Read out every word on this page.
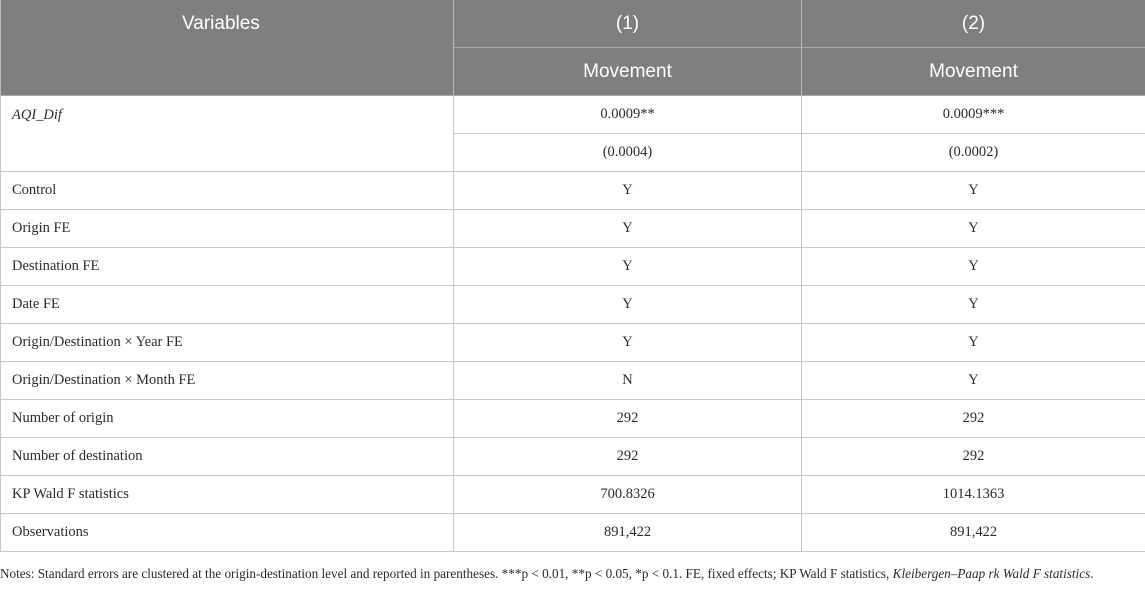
Variables	(1)	(2)
	Movement	Movement
AQI_Dif	0.0009**	0.0009***
	(0.0004)	(0.0002)
Control	Y	Y
Origin FE	Y	Y
Destination FE	Y	Y
Date FE	Y	Y
Origin/Destination × Year FE	Y	Y
Origin/Destination × Month FE	N	Y
Number of origin	292	292
Number of destination	292	292
KP Wald F statistics	700.8326	1014.1363
Observations	891,422	891,422
Notes: Standard errors are clustered at the origin-destination level and reported in parentheses. ***p < 0.01, **p < 0.05, *p < 0.1. FE, fixed effects; KP Wald F statistics, Kleibergen–Paap rk Wald F statistics.
